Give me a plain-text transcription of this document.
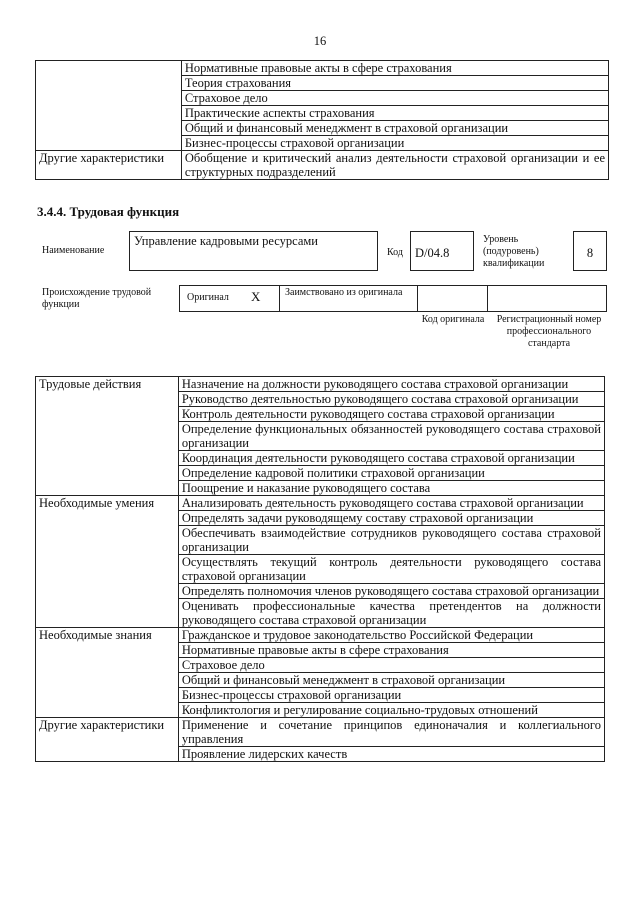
16
	Нормативные правовые акты в сфере страхования
	Теория страхования
	Страховое дело
	Практические аспекты страхования
	Общий и финансовый менеджмент в страховой организации
	Бизнес-процессы страховой организации
Другие характеристики	Обобщение и критический анализ деятельности страховой организации и ее структурных подразделений
3.4.4. Трудовая функция
Наименование
Управление кадровыми ресурсами
Код D/04.8
Уровень (подуровень) квалификации
8
Происхождение трудовой функции
Оригинал X Заимствовано из оригинала
Код оригинала Регистрационный номер профессионального стандарта
Трудовые действия	Назначение на должности руководящего состава страховой организации
	Руководство деятельностью руководящего состава страховой организации
	Контроль деятельности руководящего состава страховой организации
	Определение функциональных обязанностей руководящего состава страховой организации
	Координация деятельности руководящего состава страховой организации
	Определение кадровой политики страховой организации
	Поощрение и наказание руководящего состава
Необходимые умения	Анализировать деятельность руководящего состава страховой организации
	Определять задачи руководящему составу страховой организации
	Обеспечивать взаимодействие сотрудников руководящего состава страховой организации
	Осуществлять текущий контроль деятельности руководящего состава страховой организации
	Определять полномочия членов руководящего состава страховой организации
	Оценивать профессиональные качества претендентов на должности руководящего состава страховой организации
Необходимые знания	Гражданское и трудовое законодательство Российской Федерации
	Нормативные правовые акты в сфере страхования
	Страховое дело
	Общий и финансовый менеджмент в страховой организации
	Бизнес-процессы страховой организации
	Конфликтология и регулирование социально-трудовых отношений
Другие характеристики	Применение и сочетание принципов единоначалия и коллегиального управления
	Проявление лидерских качеств
